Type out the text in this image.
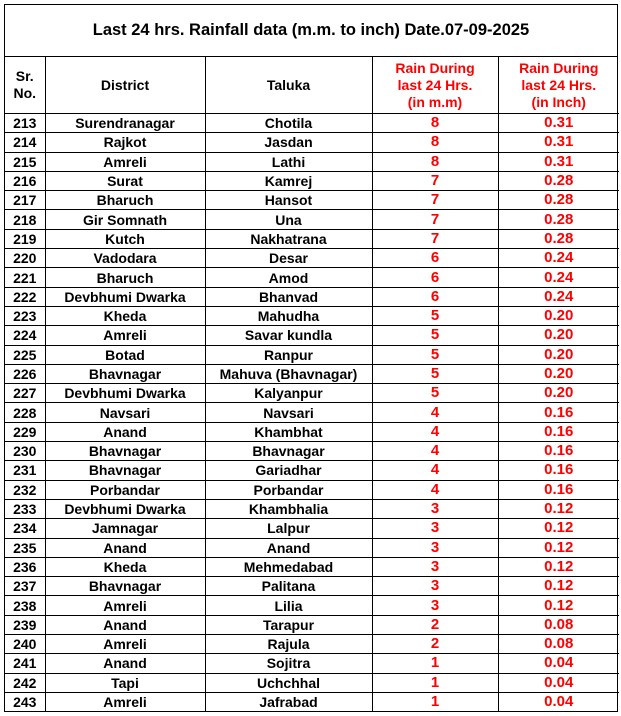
Last 24 hrs. Rainfall data (m.m. to inch) Date.07-09-2025
Sr.
No.	District	Taluka	Rain During
last 24 Hrs.
(in m.m)	Rain During
last 24 Hrs.
(in Inch)
213	Surendranagar	Chotila	8	0.31
214	Rajkot	Jasdan	8	0.31
215	Amreli	Lathi	8	0.31
216	Surat	Kamrej	7	0.28
217	Bharuch	Hansot	7	0.28
218	Gir Somnath	Una	7	0.28
219	Kutch	Nakhatrana	7	0.28
220	Vadodara	Desar	6	0.24
221	Bharuch	Amod	6	0.24
222	Devbhumi Dwarka	Bhanvad	6	0.24
223	Kheda	Mahudha	5	0.20
224	Amreli	Savar kundla	5	0.20
225	Botad	Ranpur	5	0.20
226	Bhavnagar	Mahuva (Bhavnagar)	5	0.20
227	Devbhumi Dwarka	Kalyanpur	5	0.20
228	Navsari	Navsari	4	0.16
229	Anand	Khambhat	4	0.16
230	Bhavnagar	Bhavnagar	4	0.16
231	Bhavnagar	Gariadhar	4	0.16
232	Porbandar	Porbandar	4	0.16
233	Devbhumi Dwarka	Khambhalia	3	0.12
234	Jamnagar	Lalpur	3	0.12
235	Anand	Anand	3	0.12
236	Kheda	Mehmedabad	3	0.12
237	Bhavnagar	Palitana	3	0.12
238	Amreli	Lilia	3	0.12
239	Anand	Tarapur	2	0.08
240	Amreli	Rajula	2	0.08
241	Anand	Sojitra	1	0.04
242	Tapi	Uchchhal	1	0.04
243	Amreli	Jafrabad	1	0.04
